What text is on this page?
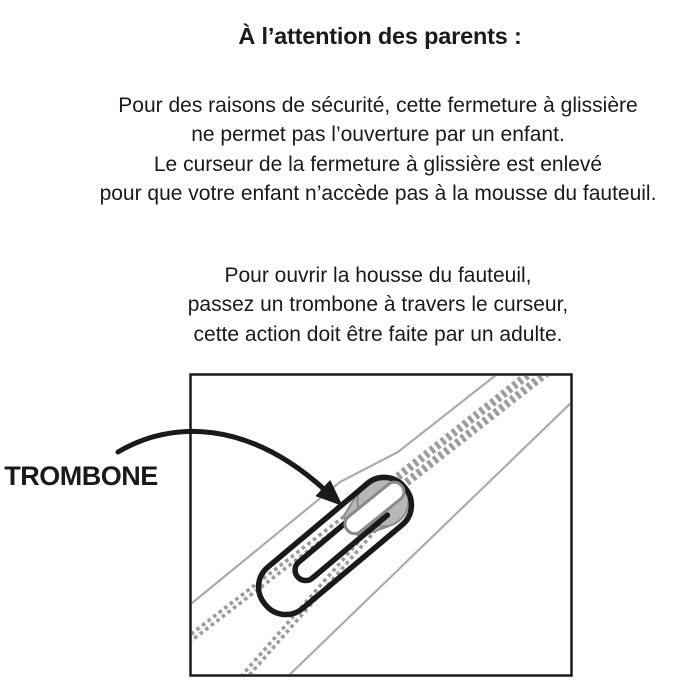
À l’attention des parents :

Pour des raisons de sécurité, cette fermeture à glissière
ne permet pas l’ouverture par un enfant.
Le curseur de la fermeture à glissière est enlevé
pour que votre enfant n’accède pas à la mousse du fauteuil.

Pour ouvrir la housse du fauteuil,
passez un trombone à travers le curseur,
cette action doit être faite par un adulte.

TROMBONE
